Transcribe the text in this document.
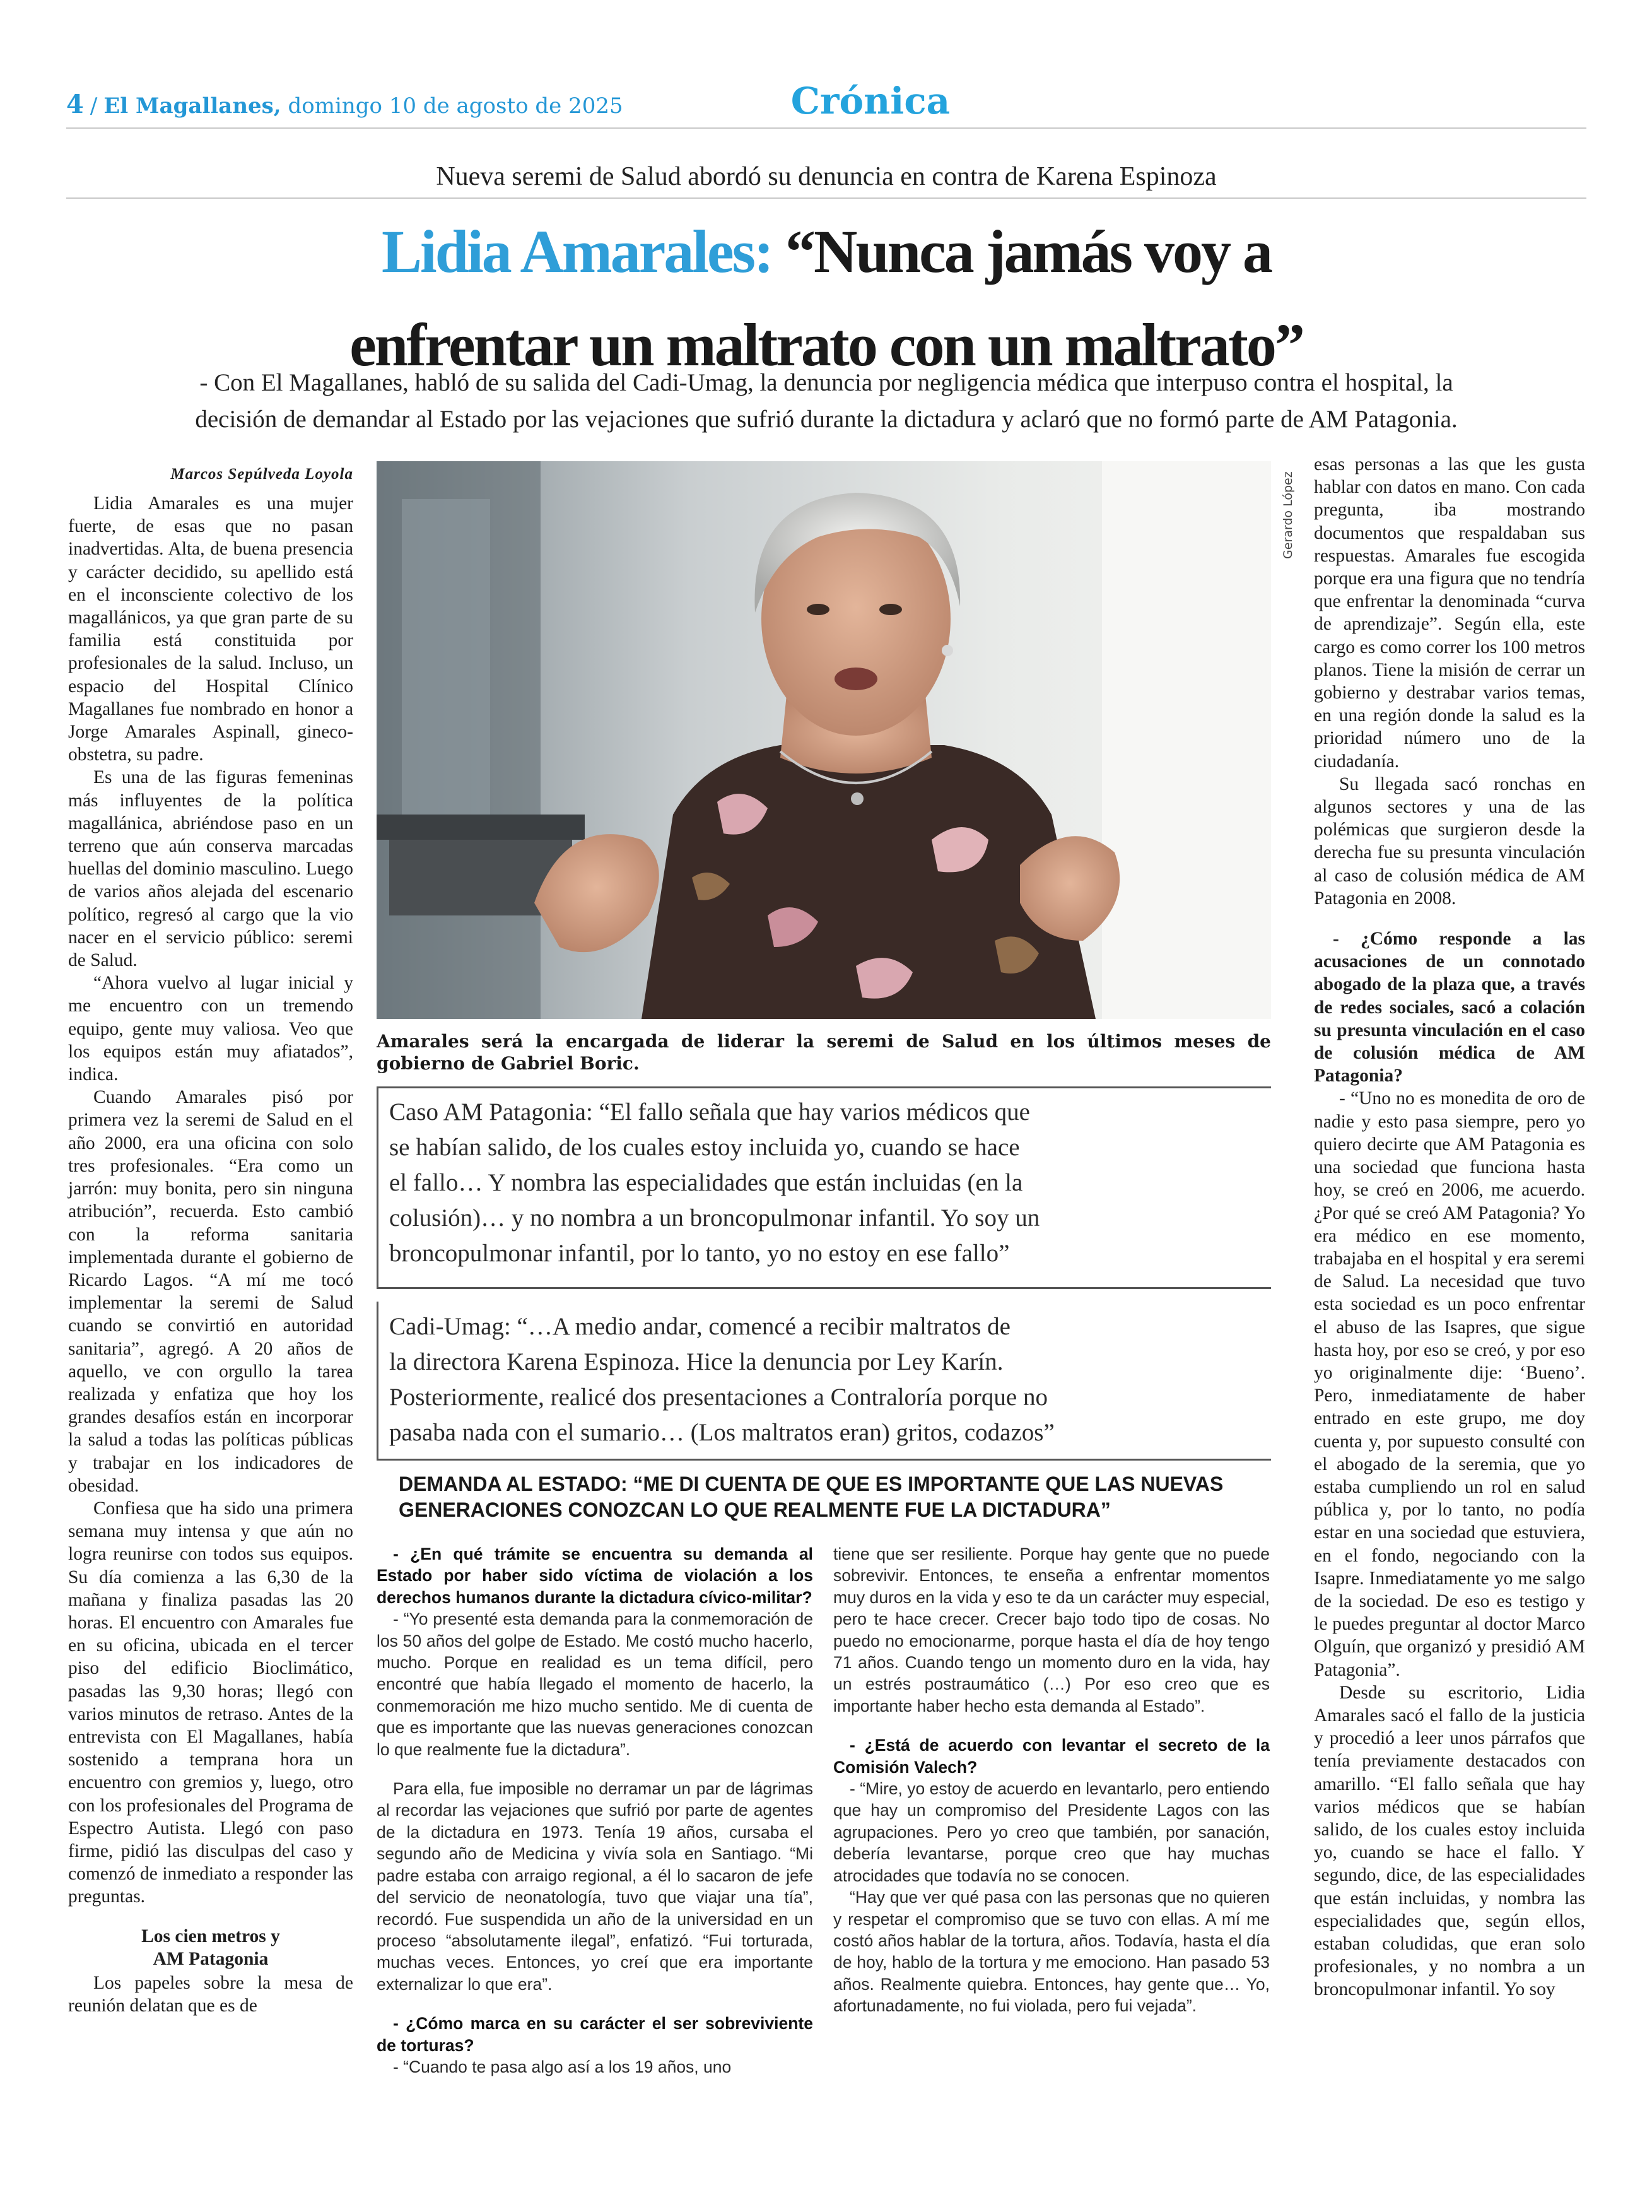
4 / El Magallanes, domingo 10 de agosto de 2025	Crónica
Nueva seremi de Salud abordó su denuncia en contra de Karena Espinoza
Lidia Amarales: “Nunca jamás voy a
enfrentar un maltrato con un maltrato”
- Con El Magallanes, habló de su salida del Cadi-Umag, la denuncia por negligencia médica que interpuso contra el hospital, la
decisión de demandar al Estado por las vejaciones que sufrió durante la dictadura y aclaró que no formó parte de AM Patagonia.
Marcos Sepúlveda Loyola

Lidia Amarales es una mujer fuerte, de esas que no pasan inadvertidas. Alta, de buena presencia y carácter decidido, su apellido está en el inconsciente colectivo de los magallánicos, ya que gran parte de su familia está constituida por profesionales de la salud. Incluso, un espacio del Hospital Clínico Magallanes fue nombrado en honor a Jorge Amarales Aspinall, gineco-obstetra, su padre.

Es una de las figuras femeninas más influyentes de la política magallánica, abriéndose paso en un terreno que aún conserva marcadas huellas del dominio masculino. Luego de varios años alejada del escenario político, regresó al cargo que la vio nacer en el servicio público: seremi de Salud.

“Ahora vuelvo al lugar inicial y me encuentro con un tremendo equipo, gente muy valiosa. Veo que los equipos están muy afiatados”, indica.

Cuando Amarales pisó por primera vez la seremi de Salud en el año 2000, era una oficina con solo tres profesionales. “Era como un jarrón: muy bonita, pero sin ninguna atribución”, recuerda. Esto cambió con la reforma sanitaria implementada durante el gobierno de Ricardo Lagos. “A mí me tocó implementar la seremi de Salud cuando se convirtió en autoridad sanitaria”, agregó. A 20 años de aquello, ve con orgullo la tarea realizada y enfatiza que hoy los grandes desafíos están en incorporar la salud a todas las políticas públicas y trabajar en los indicadores de obesidad.

Confiesa que ha sido una primera semana muy intensa y que aún no logra reunirse con todos sus equipos. Su día comienza a las 6,30 de la mañana y finaliza pasadas las 20 horas. El encuentro con Amarales fue en su oficina, ubicada en el tercer piso del edificio Bioclimático, pasadas las 9,30 horas; llegó con varios minutos de retraso. Antes de la entrevista con El Magallanes, había sostenido a temprana hora un encuentro con gremios y, luego, otro con los profesionales del Programa de Espectro Autista. Llegó con paso firme, pidió las disculpas del caso y comenzó de inmediato a responder las preguntas.

Los cien metros y
AM Patagonia

Los papeles sobre la mesa de reunión delatan que es de

Gerardo López
Amarales será la encargada de liderar la seremi de Salud en los últimos meses de gobierno de Gabriel Boric.
Caso AM Patagonia: “El fallo señala que hay varios médicos que
se habían salido, de los cuales estoy incluida yo, cuando se hace
el fallo… Y nombra las especialidades que están incluidas (en la
colusión)… y no nombra a un broncopulmonar infantil. Yo soy un
broncopulmonar infantil, por lo tanto, yo no estoy en ese fallo”
Cadi-Umag: “…A medio andar, comencé a recibir maltratos de
la directora Karena Espinoza. Hice la denuncia por Ley Karín.
Posteriormente, realicé dos presentaciones a Contraloría porque no
pasaba nada con el sumario… (Los maltratos eran) gritos, codazos”
DEMANDA AL ESTADO: “ME DI CUENTA DE QUE ES IMPORTANTE QUE LAS NUEVAS
GENERACIONES CONOZCAN LO QUE REALMENTE FUE LA DICTADURA”

- ¿En qué trámite se encuentra su demanda al Estado por haber sido víctima de violación a los derechos humanos durante la dictadura cívico-militar?

- “Yo presenté esta demanda para la conmemoración de los 50 años del golpe de Estado. Me costó mucho hacerlo, mucho. Porque en realidad es un tema difícil, pero encontré que había llegado el momento de hacerlo, la conmemoración me hizo mucho sentido. Me di cuenta de que es importante que las nuevas generaciones conozcan lo que realmente fue la dictadura”.

Para ella, fue imposible no derramar un par de lágrimas al recordar las vejaciones que sufrió por parte de agentes de la dictadura en 1973. Tenía 19 años, cursaba el segundo año de Medicina y vivía sola en Santiago. “Mi padre estaba con arraigo regional, a él lo sacaron de jefe del servicio de neonatología, tuvo que viajar una tía”, recordó. Fue suspendida un año de la universidad en un proceso “absolutamente ilegal”, enfatizó. “Fui torturada, muchas veces. Entonces, yo creí que era importante externalizar lo que era”.

- ¿Cómo marca en su carácter el ser sobreviviente de torturas?

- “Cuando te pasa algo así a los 19 años, uno

tiene que ser resiliente. Porque hay gente que no puede sobrevivir. Entonces, te enseña a enfrentar momentos muy duros en la vida y eso te da un carácter muy especial, pero te hace crecer. Crecer bajo todo tipo de cosas. No puedo no emocionarme, porque hasta el día de hoy tengo 71 años. Cuando tengo un momento duro en la vida, hay un estrés postraumático (…) Por eso creo que es importante haber hecho esta demanda al Estado”.

- ¿Está de acuerdo con levantar el secreto de la Comisión Valech?

- “Mire, yo estoy de acuerdo en levantarlo, pero entiendo que hay un compromiso del Presidente Lagos con las agrupaciones. Pero yo creo que también, por sanación, debería levantarse, porque creo que hay muchas atrocidades que todavía no se conocen.

“Hay que ver qué pasa con las personas que no quieren y respetar el compromiso que se tuvo con ellas. A mí me costó años hablar de la tortura, años. Todavía, hasta el día de hoy, hablo de la tortura y me emociono. Han pasado 53 años. Realmente quiebra. Entonces, hay gente que… Yo, afortunadamente, no fui violada, pero fui vejada”.

esas personas a las que les gusta hablar con datos en mano. Con cada pregunta, iba mostrando documentos que respaldaban sus respuestas. Amarales fue escogida porque era una figura que no tendría que enfrentar la denominada “curva de aprendizaje”. Según ella, este cargo es como correr los 100 metros planos. Tiene la misión de cerrar un gobierno y destrabar varios temas, en una región donde la salud es la prioridad número uno de la ciudadanía.

Su llegada sacó ronchas en algunos sectores y una de las polémicas que surgieron desde la derecha fue su presunta vinculación al caso de colusión médica de AM Patagonia en 2008.

- ¿Cómo responde a las acusaciones de un connotado abogado de la plaza que, a través de redes sociales, sacó a colación su presunta vinculación en el caso de colusión médica de AM Patagonia?

- “Uno no es monedita de oro de nadie y esto pasa siempre, pero yo quiero decirte que AM Patagonia es una sociedad que funciona hasta hoy, se creó en 2006, me acuerdo. ¿Por qué se creó AM Patagonia? Yo era médico en ese momento, trabajaba en el hospital y era seremi de Salud. La necesidad que tuvo esta sociedad es un poco enfrentar el abuso de las Isapres, que sigue hasta hoy, por eso se creó, y por eso yo originalmente dije: ‘Bueno’. Pero, inmediatamente de haber entrado en este grupo, me doy cuenta y, por supuesto consulté con el abogado de la seremia, que yo estaba cumpliendo un rol en salud pública y, por lo tanto, no podía estar en una sociedad que estuviera, en el fondo, negociando con la Isapre. Inmediatamente yo me salgo de la sociedad. De eso es testigo y le puedes preguntar al doctor Marco Olguín, que organizó y presidió AM Patagonia”.

Desde su escritorio, Lidia Amarales sacó el fallo de la justicia y procedió a leer unos párrafos que tenía previamente destacados con amarillo. “El fallo señala que hay varios médicos que se habían salido, de los cuales estoy incluida yo, cuando se hace el fallo. Y segundo, dice, de las especialidades que están incluidas, y nombra las especialidades que, según ellos, estaban coludidas, que eran solo profesionales, y no nombra a un broncopulmonar infantil. Yo soy
